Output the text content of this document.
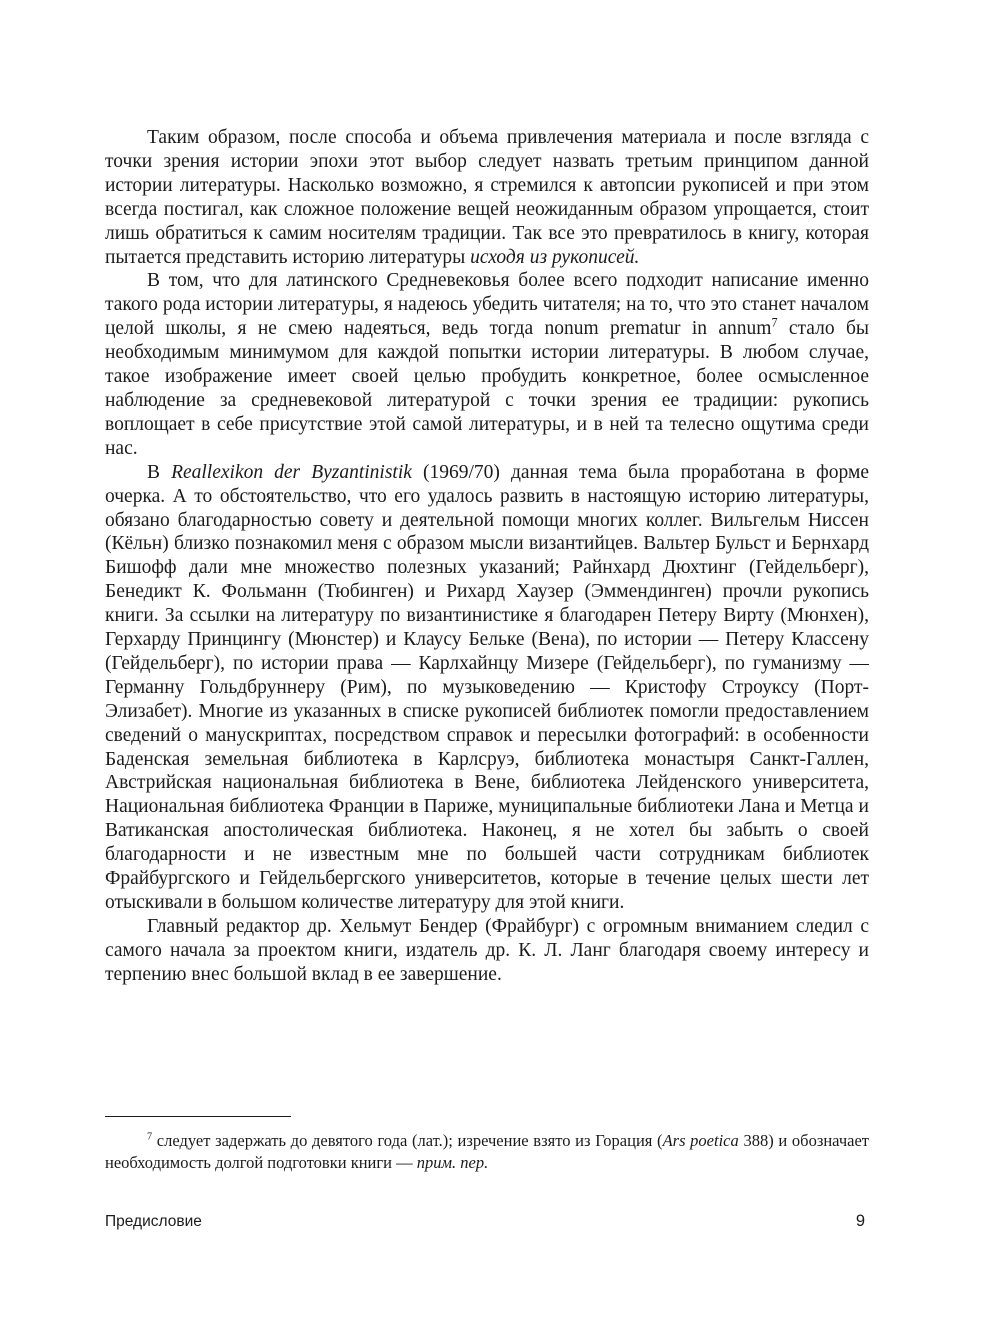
Таким образом, после способа и объема привлечения материала и после взгляда с точки зрения истории эпохи этот выбор следует назвать третьим принципом данной истории литературы. Насколько возможно, я стремился к автопсии рукописей и при этом всегда постигал, как сложное положение вещей неожиданным образом упрощается, стоит лишь обратиться к самим носителям традиции. Так все это превратилось в книгу, которая пытается представить историю литературы исходя из рукописей.

В том, что для латинского Средневековья более всего подходит написание именно такого рода истории литературы, я надеюсь убедить читателя; на то, что это станет началом целой школы, я не смею надеяться, ведь тогда nonum prematur in annum$^7$ стало бы необходимым минимумом для каждой попытки истории литературы. В любом случае, такое изображение имеет своей целью пробудить конкретное, более осмысленное наблюдение за средневековой литературой с точки зрения ее традиции: рукопись воплощает в себе присутствие этой самой литературы, и в ней та телесно ощутима среди нас.

В Reallexikon der Byzantinistik (1969/70) данная тема была проработана в форме очерка. А то обстоятельство, что его удалось развить в настоящую историю литературы, обязано благодарностью совету и деятельной помощи многих коллег. Вильгельм Ниссен (Кёльн) близко познакомил меня с образом мысли византийцев. Вальтер Бульст и Бернхард Бишофф дали мне множество полезных указаний; Райнхард Дюхтинг (Гейдельберг), Бенедикт К. Фольманн (Тюбинген) и Рихард Хаузер (Эммендинген) прочли рукопись книги. За ссылки на литературу по византинистике я благодарен Петеру Вирту (Мюнхен), Герхарду Принцингу (Мюнстер) и Клаусу Бельке (Вена), по истории — Петеру Классену (Гейдельберг), по истории права — Карлхайнцу Мизере (Гейдельберг), по гуманизму — Германну Гольдбруннеру (Рим), по музыковедению — Кристофу Строуксу (Порт-Элизабет). Многие из указанных в списке рукописей библиотек помогли предоставлением сведений о манускриптах, посредством справок и пересылки фотографий: в особенности Баденская земельная библиотека в Карлсруэ, библиотека монастыря Санкт-Галлен, Австрийская национальная библиотека в Вене, библиотека Лейденского университета, Национальная библиотека Франции в Париже, муниципальные библиотеки Лана и Метца и Ватиканская апостолическая библиотека. Наконец, я не хотел бы забыть о своей благодарности и не известным мне по большей части сотрудникам библиотек Фрайбургского и Гейдельбергского университетов, которые в течение целых шести лет отыскивали в большом количестве литературу для этой книги.

Главный редактор др. Хельмут Бендер (Фрайбург) с огромным вниманием следил с самого начала за проектом книги, издатель др. К. Л. Ланг благодаря своему интересу и терпению внес большой вклад в ее завершение.

$^7$ следует задержать до девятого года (лат.); изречение взято из Горация (Ars poetica 388) и обозначает необходимость долгой подготовки книги — прим. пер.
Предисловие	9
